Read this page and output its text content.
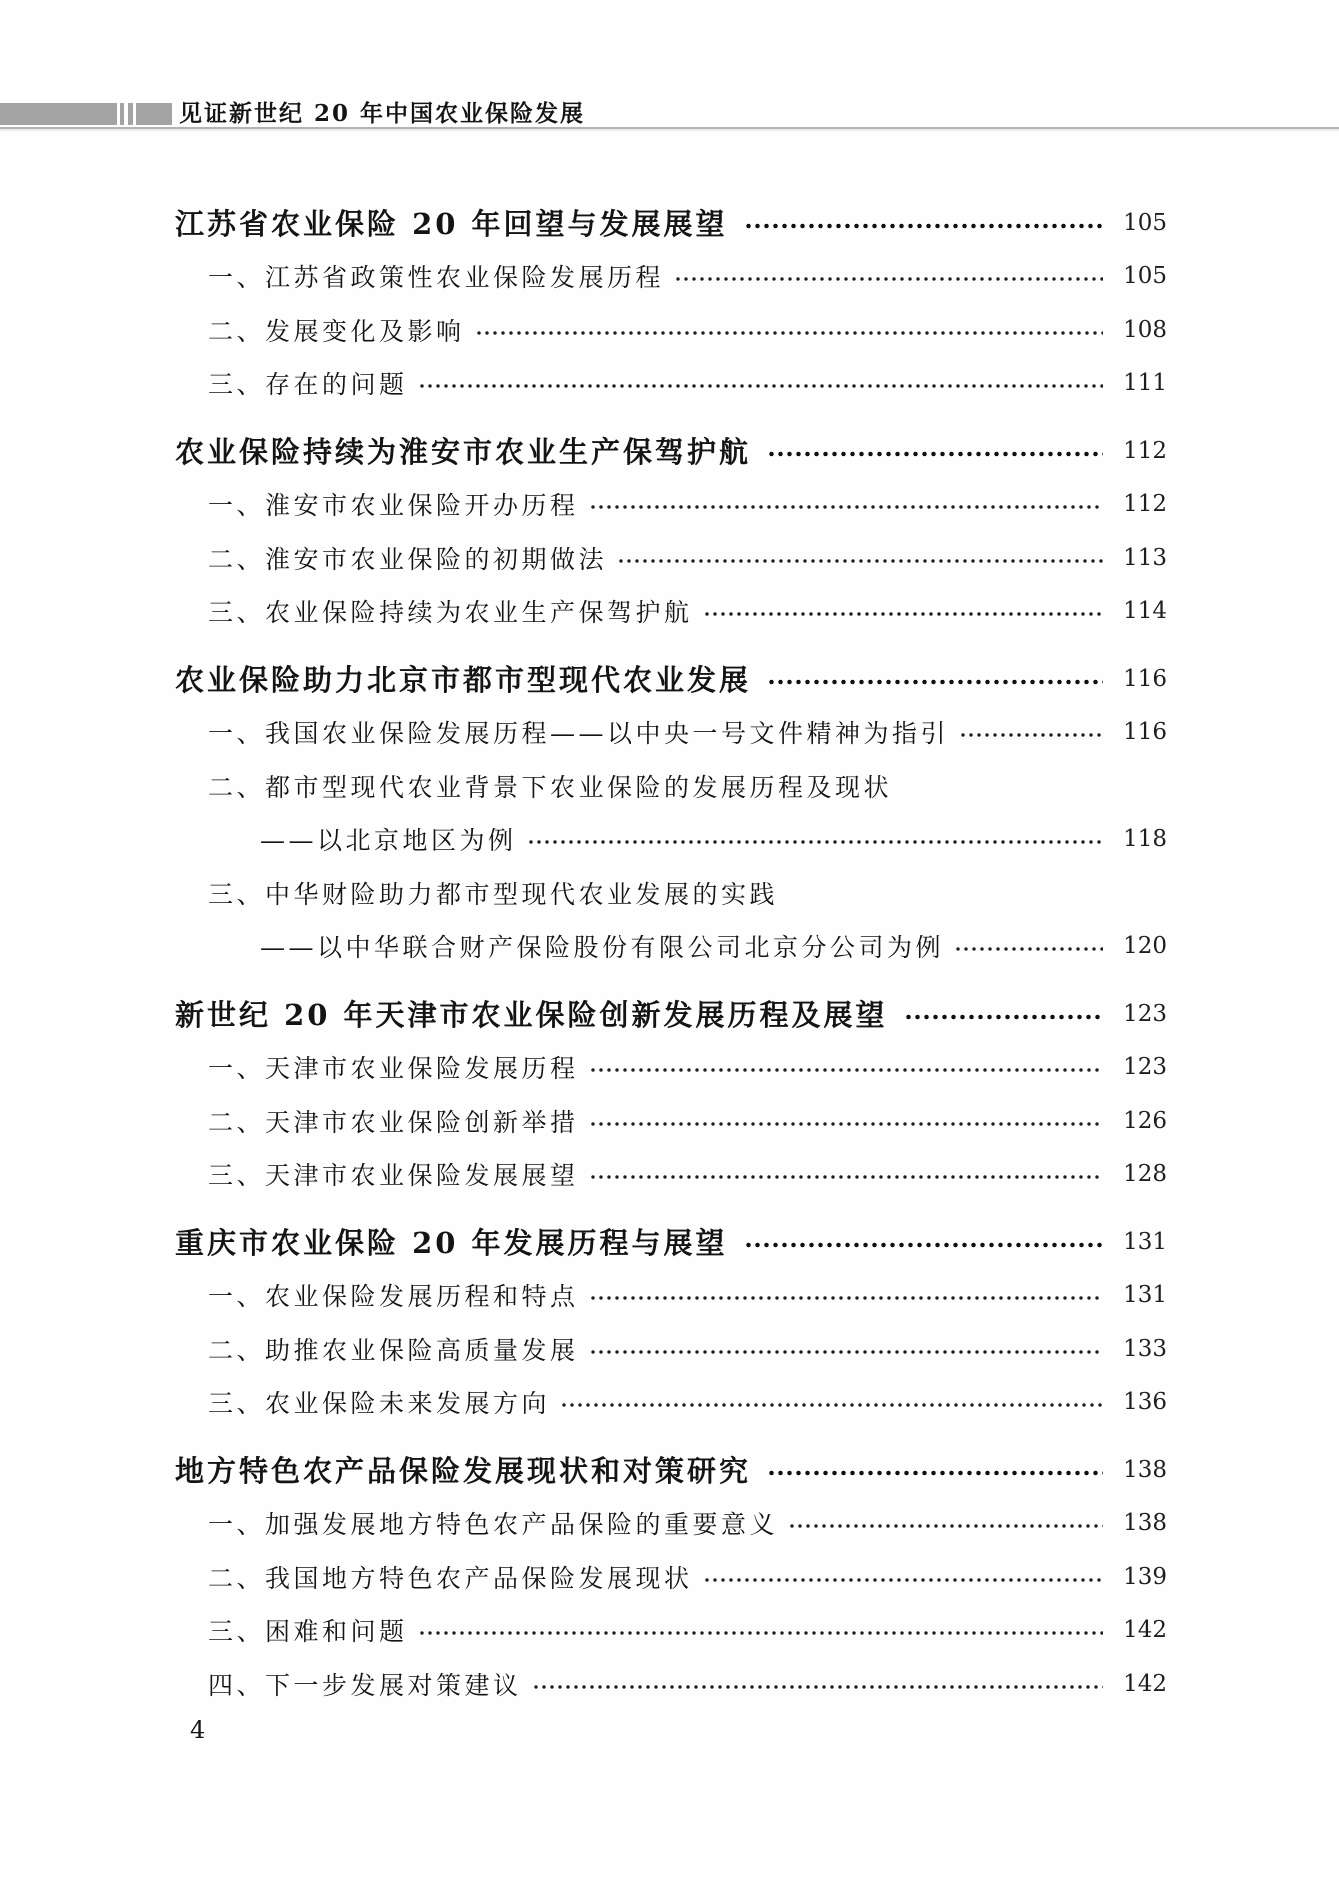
见证新世纪 20 年中国农业保险发展
江苏省农业保险 20 年回望与发展展望	105
一、江苏省政策性农业保险发展历程	105
二、发展变化及影响	108
三、存在的问题	111
农业保险持续为淮安市农业生产保驾护航	112
一、淮安市农业保险开办历程	112
二、淮安市农业保险的初期做法	113
三、农业保险持续为农业生产保驾护航	114
农业保险助力北京市都市型现代农业发展	116
一、我国农业保险发展历程——以中央一号文件精神为指引	116
二、都市型现代农业背景下农业保险的发展历程及现状
——以北京地区为例	118
三、中华财险助力都市型现代农业发展的实践
——以中华联合财产保险股份有限公司北京分公司为例	120
新世纪 20 年天津市农业保险创新发展历程及展望	123
一、天津市农业保险发展历程	123
二、天津市农业保险创新举措	126
三、天津市农业保险发展展望	128
重庆市农业保险 20 年发展历程与展望	131
一、农业保险发展历程和特点	131
二、助推农业保险高质量发展	133
三、农业保险未来发展方向	136
地方特色农产品保险发展现状和对策研究	138
一、加强发展地方特色农产品保险的重要意义	138
二、我国地方特色农产品保险发展现状	139
三、困难和问题	142
四、下一步发展对策建议	142
4
